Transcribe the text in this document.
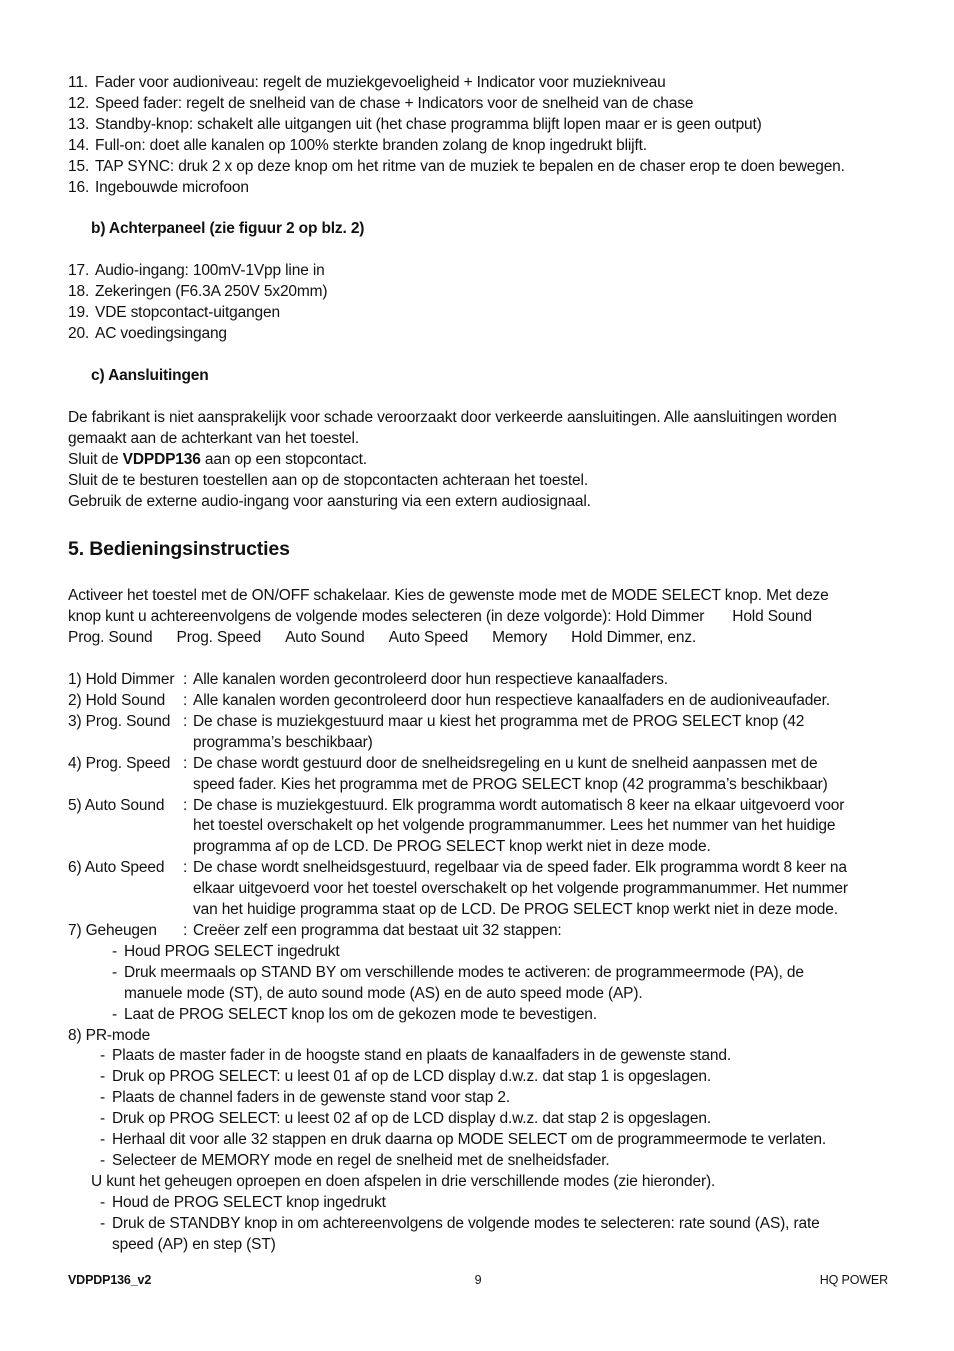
11. Fader voor audioniveau: regelt de muziekgevoeligheid + Indicator voor muziekniveau
12. Speed fader: regelt de snelheid van de chase + Indicators voor de snelheid van de chase
13. Standby-knop: schakelt alle uitgangen uit (het chase programma blijft lopen maar er is geen output)
14. Full-on: doet alle kanalen op 100% sterkte branden zolang de knop ingedrukt blijft.
15. TAP SYNC: druk 2 x op deze knop om het ritme van de muziek te bepalen en de chaser erop te doen bewegen.
16. Ingebouwde microfoon
b) Achterpaneel (zie figuur 2 op blz. 2)
17. Audio-ingang: 100mV-1Vpp line in
18. Zekeringen (F6.3A 250V 5x20mm)
19. VDE stopcontact-uitgangen
20. AC voedingsingang
c) Aansluitingen
De fabrikant is niet aansprakelijk voor schade veroorzaakt door verkeerde aansluitingen. Alle aansluitingen worden
gemaakt aan de achterkant van het toestel.
Sluit de VDPDP136 aan op een stopcontact.
Sluit de te besturen toestellen aan op de stopcontacten achteraan het toestel.
Gebruik de externe audio-ingang voor aansturing via een extern audiosignaal.
5. Bedieningsinstructies
Activeer het toestel met de ON/OFF schakelaar. Kies de gewenste mode met de MODE SELECT knop. Met deze
knop kunt u achtereenvolgens de volgende modes selecteren (in deze volgorde): Hold Dimmer Hold Sound
Prog. Sound Prog. Speed Auto Sound Auto Speed Memory Hold Dimmer, enz.
1) Hold Dimmer : Alle kanalen worden gecontroleerd door hun respectieve kanaalfaders.
2) Hold Sound	: Alle kanalen worden gecontroleerd door hun respectieve kanaalfaders en de audioniveaufader.
3) Prog. Sound : De chase is muziekgestuurd maar u kiest het programma met de PROG SELECT knop (42
programma’s beschikbaar)
4) Prog. Speed : De chase wordt gestuurd door de snelheidsregeling en u kunt de snelheid aanpassen met de
speed fader. Kies het programma met de PROG SELECT knop (42 programma’s beschikbaar)
5) Auto Sound	: De chase is muziekgestuurd. Elk programma wordt automatisch 8 keer na elkaar uitgevoerd voor
het toestel overschakelt op het volgende programmanummer. Lees het nummer van het huidige
programma af op de LCD. De PROG SELECT knop werkt niet in deze mode.
6) Auto Speed	: De chase wordt snelheidsgestuurd, regelbaar via de speed fader. Elk programma wordt 8 keer na
elkaar uitgevoerd voor het toestel overschakelt op het volgende programmanummer. Het nummer
van het huidige programma staat op de LCD. De PROG SELECT knop werkt niet in deze mode.
7) Geheugen	: Creëer zelf een programma dat bestaat uit 32 stappen:
- Houd PROG SELECT ingedrukt
- Druk meermaals op STAND BY om verschillende modes te activeren: de programmeermode (PA), de
manuele mode (ST), de auto sound mode (AS) en de auto speed mode (AP).
- Laat de PROG SELECT knop los om de gekozen mode te bevestigen.
8) PR-mode
- Plaats de master fader in de hoogste stand en plaats de kanaalfaders in de gewenste stand.
- Druk op PROG SELECT: u leest 01 af op de LCD display d.w.z. dat stap 1 is opgeslagen.
- Plaats de channel faders in de gewenste stand voor stap 2.
- Druk op PROG SELECT: u leest 02 af op de LCD display d.w.z. dat stap 2 is opgeslagen.
- Herhaal dit voor alle 32 stappen en druk daarna op MODE SELECT om de programmeermode te verlaten.
- Selecteer de MEMORY mode en regel de snelheid met de snelheidsfader.
U kunt het geheugen oproepen en doen afspelen in drie verschillende modes (zie hieronder).
- Houd de PROG SELECT knop ingedrukt
- Druk de STANDBY knop in om achtereenvolgens de volgende modes te selecteren: rate sound (AS), rate
speed (AP) en step (ST)
VDPDP136_v2	9	HQ POWER
